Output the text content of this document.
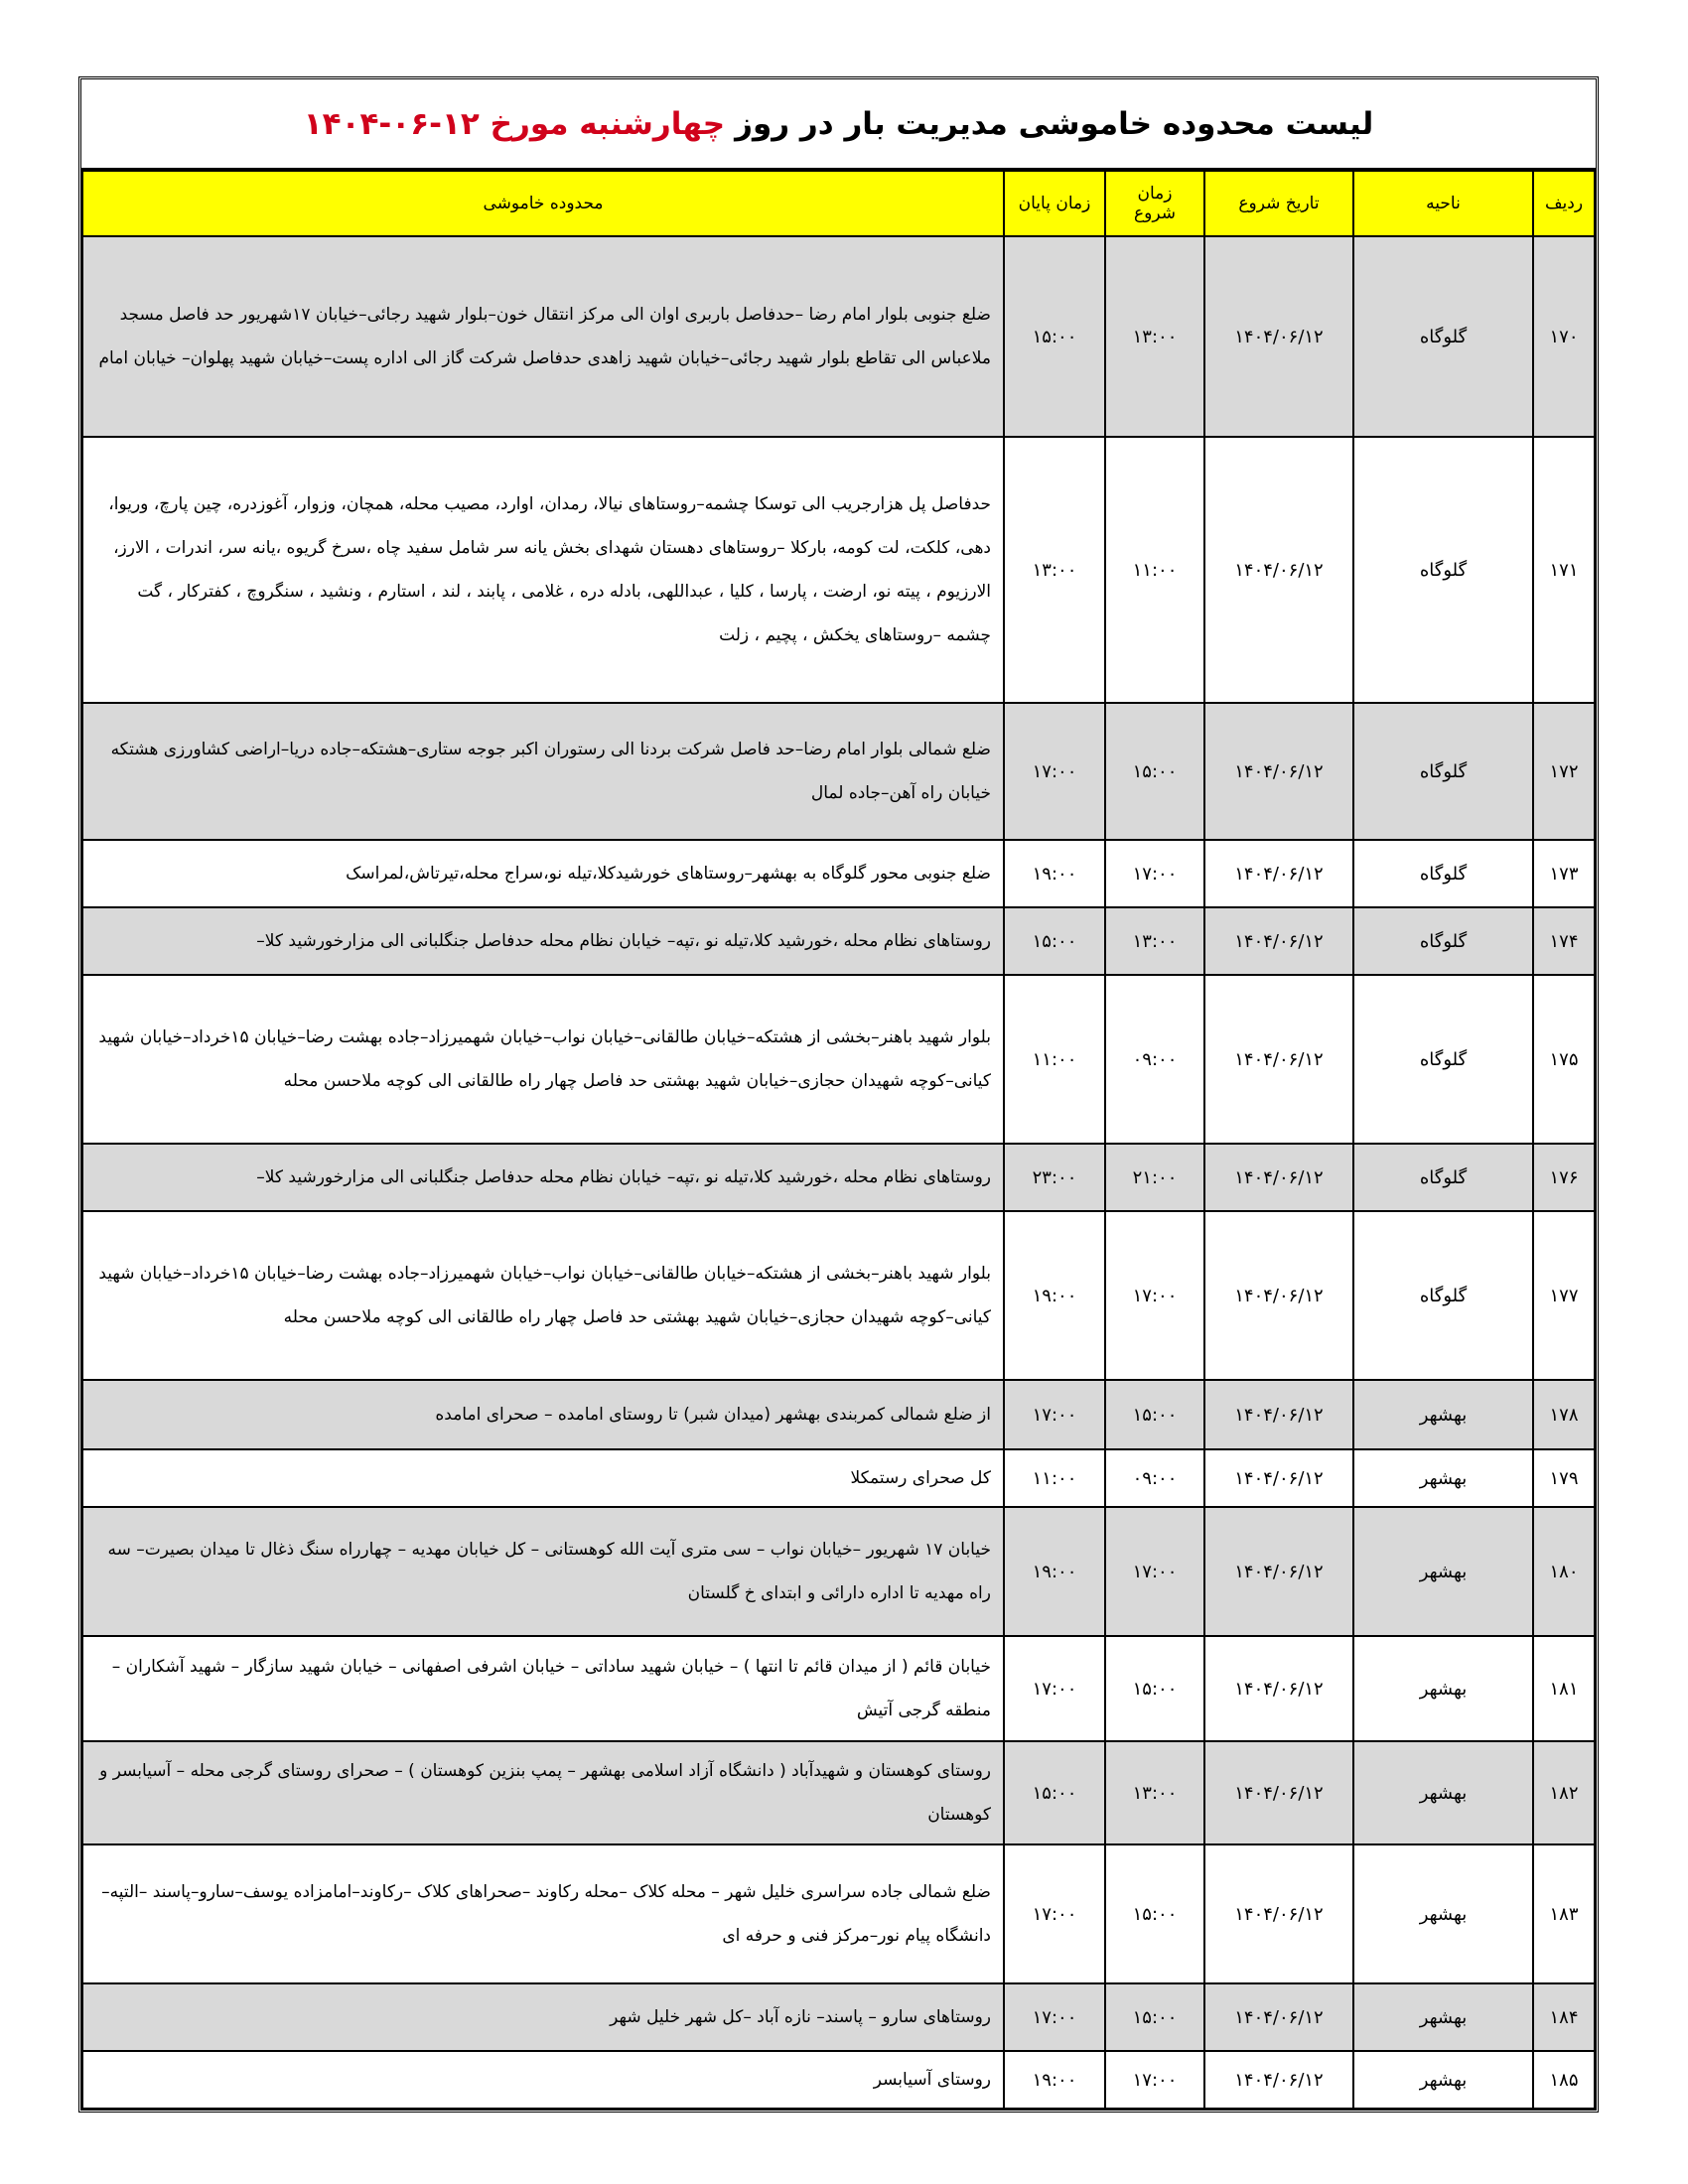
لیست محدوده خاموشی مدیریت بار در روز
چهارشنبه مورخ ۱۲-۰۶-۱۴۰۴
ردیف	ناحیه	تاریخ شروع	زمان شروع	زمان پایان	محدوده خاموشی
۱۷۰	گلوگاه	۱۴۰۴/۰۶/۱۲	۱۳:۰۰	۱۵:۰۰	ضلع جنوبی بلوار امام رضا –حدفاصل باربری اوان الی مرکز انتقال خون–بلوار شهید رجائی–خیابان ۱۷شهریور حد فاصل مسجد ملاعباس الی تقاطع بلوار شهید رجائی–خیابان شهید زاهدی حدفاصل شرکت گاز الی اداره پست–خیابان شهید پهلوان– خیابان امام
۱۷۱	گلوگاه	۱۴۰۴/۰۶/۱۲	۱۱:۰۰	۱۳:۰۰	حدفاصل پل هزارجریب الی توسکا چشمه–روستاهای نیالا، رمدان، اوارد، مصیب محله، همچان، وزوار، آغوزدره، چین پارچ، وریوا، دهی، کلکت، لت کومه، بارکلا –روستاهای دهستان شهدای بخش یانه سر شامل سفید چاه ،سرخ گریوه ،یانه سر، اندرات ، الارز، الارزیوم ، پیته نو، ارضت ، پارسا ، کلیا ، عبداللهی، بادله دره ، غلامی ، پابند ، لند ، استارم ، ونشید ، سنگروچ ، کفترکار ، گت چشمه –روستاهای یخکش ، پچیم ، زلت
۱۷۲	گلوگاه	۱۴۰۴/۰۶/۱۲	۱۵:۰۰	۱۷:۰۰	ضلع شمالی بلوار امام رضا–حد فاصل شرکت بردنا الی رستوران اکبر جوجه ستاری–هشتکه–جاده دریا–اراضی کشاورزی هشتکه خیابان راه آهن–جاده لمال
۱۷۳	گلوگاه	۱۴۰۴/۰۶/۱۲	۱۷:۰۰	۱۹:۰۰	ضلع جنوبی محور گلوگاه به بهشهر–روستاهای خورشیدکلا،تیله نو،سراج محله،تیرتاش،لمراسک
۱۷۴	گلوگاه	۱۴۰۴/۰۶/۱۲	۱۳:۰۰	۱۵:۰۰	روستاهای نظام محله ،خورشید کلا،تیله نو ،تپه– خیابان نظام محله حدفاصل جنگلبانی الی مزارخورشید کلا–
۱۷۵	گلوگاه	۱۴۰۴/۰۶/۱۲	۰۹:۰۰	۱۱:۰۰	بلوار شهید باهنر–بخشی از هشتکه–خیابان طالقانی–خیابان نواب–خیابان شهمیرزاد–جاده بهشت رضا–خیابان ۱۵خرداد–خیابان شهید کیانی–کوچه شهیدان حجازی–خیابان شهید بهشتی حد فاصل چهار راه طالقانی الی کوچه ملاحسن محله
۱۷۶	گلوگاه	۱۴۰۴/۰۶/۱۲	۲۱:۰۰	۲۳:۰۰	روستاهای نظام محله ،خورشید کلا،تیله نو ،تپه– خیابان نظام محله حدفاصل جنگلبانی الی مزارخورشید کلا–
۱۷۷	گلوگاه	۱۴۰۴/۰۶/۱۲	۱۷:۰۰	۱۹:۰۰	بلوار شهید باهنر–بخشی از هشتکه–خیابان طالقانی–خیابان نواب–خیابان شهمیرزاد–جاده بهشت رضا–خیابان ۱۵خرداد–خیابان شهید کیانی–کوچه شهیدان حجازی–خیابان شهید بهشتی حد فاصل چهار راه طالقانی الی کوچه ملاحسن محله
۱۷۸	بهشهر	۱۴۰۴/۰۶/۱۲	۱۵:۰۰	۱۷:۰۰	از ضلع شمالی کمربندی بهشهر (میدان شبر) تا روستای امامده – صحرای امامده
۱۷۹	بهشهر	۱۴۰۴/۰۶/۱۲	۰۹:۰۰	۱۱:۰۰	کل صحرای رستمکلا
۱۸۰	بهشهر	۱۴۰۴/۰۶/۱۲	۱۷:۰۰	۱۹:۰۰	خیابان ۱۷ شهریور –خیابان نواب – سی متری آیت الله کوهستانی – کل خیابان مهدیه – چهارراه سنگ ذغال تا میدان بصیرت– سه راه مهدیه تا اداره دارائی و ابتدای خ گلستان
۱۸۱	بهشهر	۱۴۰۴/۰۶/۱۲	۱۵:۰۰	۱۷:۰۰	خیابان قائم ( از میدان قائم تا انتها ) – خیابان شهید ساداتی – خیابان اشرفی اصفهانی – خیابان شهید سازگار – شهید آشکاران – منطقه گرجی آتیش
۱۸۲	بهشهر	۱۴۰۴/۰۶/۱۲	۱۳:۰۰	۱۵:۰۰	روستای کوهستان و شهیدآباد ( دانشگاه آزاد اسلامی بهشهر – پمپ بنزین کوهستان ) – صحرای روستای گرجی محله – آسیابسر و کوهستان
۱۸۳	بهشهر	۱۴۰۴/۰۶/۱۲	۱۵:۰۰	۱۷:۰۰	ضلع شمالی جاده سراسری خلیل شهر – محله کلاک –محله رکاوند –صحراهای کلاک –رکاوند–امامزاده یوسف–سارو–پاسند –التپه– دانشگاه پیام نور–مرکز فنی و حرفه ای
۱۸۴	بهشهر	۱۴۰۴/۰۶/۱۲	۱۵:۰۰	۱۷:۰۰	روستاهای سارو – پاسند– نازه آباد –کل شهر خلیل شهر
۱۸۵	بهشهر	۱۴۰۴/۰۶/۱۲	۱۷:۰۰	۱۹:۰۰	روستای آسیابسر
